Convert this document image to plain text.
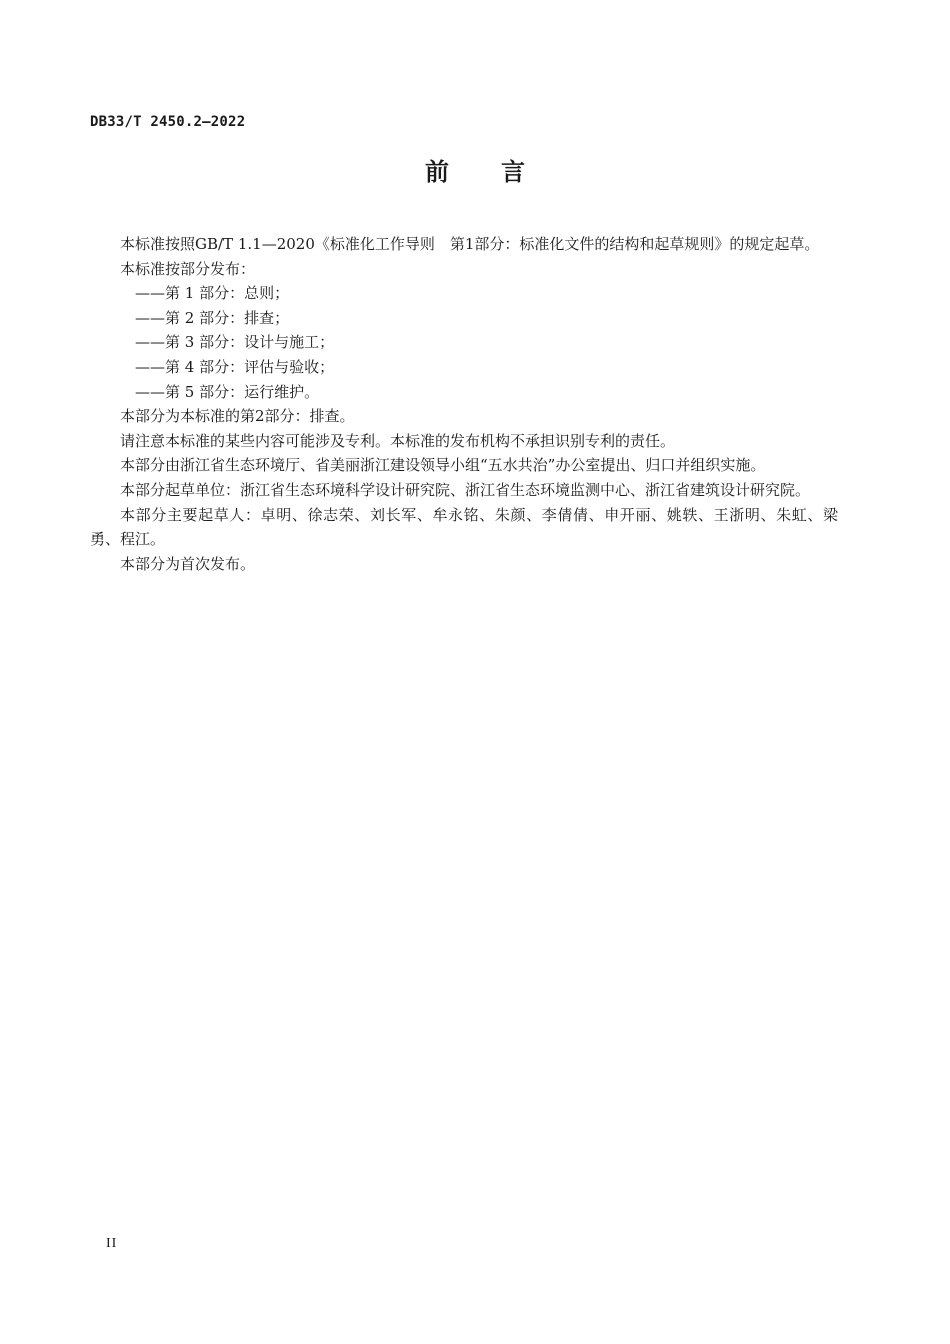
DB33/T 2450.2—2022
前 言

本标准按照GB/T 1.1—2020《标准化工作导则　第1部分：标准化文件的结构和起草规则》的规定起草。

本标准按部分发布：

——第 1 部分：总则；

——第 2 部分：排查；

——第 3 部分：设计与施工；

——第 4 部分：评估与验收；

——第 5 部分：运行维护。

本部分为本标准的第2部分：排查。

请注意本标准的某些内容可能涉及专利。本标准的发布机构不承担识别专利的责任。

本部分由浙江省生态环境厅、省美丽浙江建设领导小组“五水共治”办公室提出、归口并组织实施。

本部分起草单位：浙江省生态环境科学设计研究院、浙江省生态环境监测中心、浙江省建筑设计研究院。

本部分主要起草人：卓明、徐志荣、刘长军、牟永铭、朱颜、李倩倩、申开丽、姚轶、王浙明、朱虹、梁勇、程江。

本部分为首次发布。

II
